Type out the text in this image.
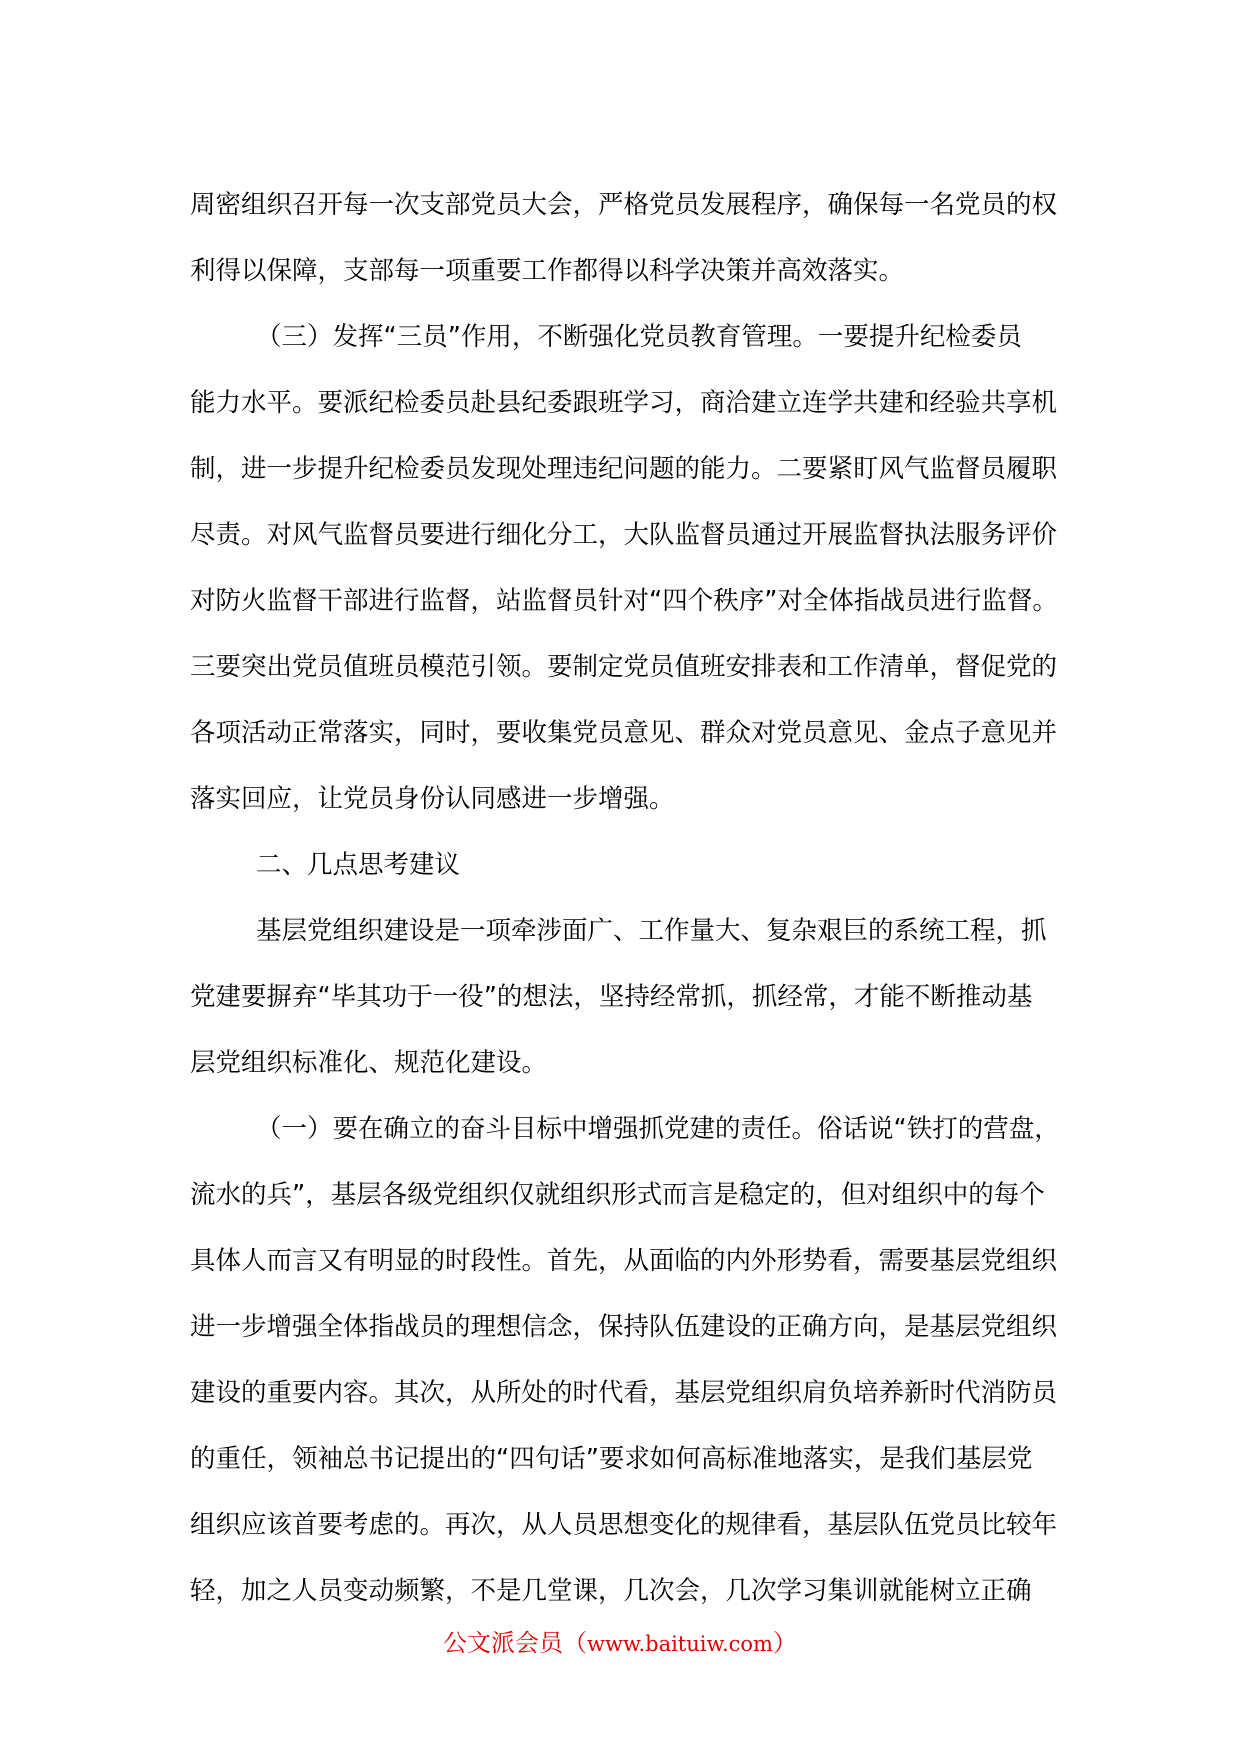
周密组织召开每一次支部党员大会，严格党员发展程序，确保每一名党员的权
利得以保障，支部每一项重要工作都得以科学决策并高效落实。
（三）发挥“三员”作用，不断强化党员教育管理。一要提升纪检委员
能力水平。要派纪检委员赴县纪委跟班学习，商洽建立连学共建和经验共享机
制，进一步提升纪检委员发现处理违纪问题的能力。二要紧盯风气监督员履职
尽责。对风气监督员要进行细化分工，大队监督员通过开展监督执法服务评价
对防火监督干部进行监督，站监督员针对“四个秩序”对全体指战员进行监督。
三要突出党员值班员模范引领。要制定党员值班安排表和工作清单，督促党的
各项活动正常落实，同时，要收集党员意见、群众对党员意见、金点子意见并
落实回应，让党员身份认同感进一步增强。
二、几点思考建议
基层党组织建设是一项牵涉面广、工作量大、复杂艰巨的系统工程，抓
党建要摒弃“毕其功于一役”的想法，坚持经常抓，抓经常，才能不断推动基
层党组织标准化、规范化建设。
（一）要在确立的奋斗目标中增强抓党建的责任。俗话说“铁打的营盘，
流水的兵”，基层各级党组织仅就组织形式而言是稳定的，但对组织中的每个
具体人而言又有明显的时段性。首先，从面临的内外形势看，需要基层党组织
进一步增强全体指战员的理想信念，保持队伍建设的正确方向，是基层党组织
建设的重要内容。其次，从所处的时代看，基层党组织肩负培养新时代消防员
的重任，领袖总书记提出的“四句话”要求如何高标准地落实，是我们基层党
组织应该首要考虑的。再次，从人员思想变化的规律看，基层队伍党员比较年
轻，加之人员变动频繁，不是几堂课，几次会，几次学习集训就能树立正确
公文派会员（www.baituiw.com）
